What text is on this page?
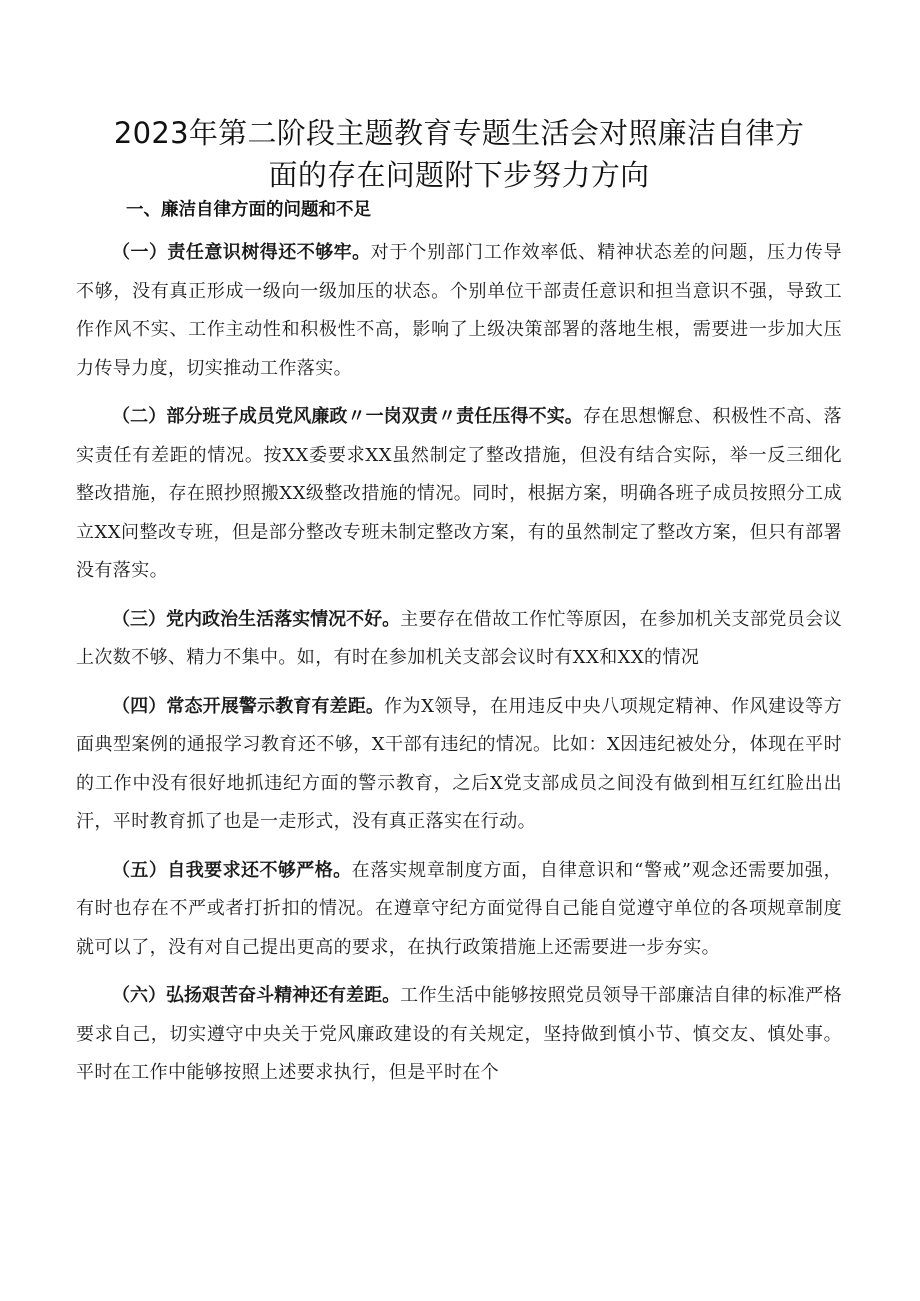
2023年第二阶段主题教育专题生活会对照廉洁自律方
面的存在问题附下步努力方向
一、廉洁自律方面的问题和不足

（一）责任意识树得还不够牢。对于个别部门工作效率低、精神状态差的问题，压力传导不够，没有真正形成一级向一级加压的状态。个别单位干部责任意识和担当意识不强，导致工作作风不实、工作主动性和积极性不高，影响了上级决策部署的落地生根，需要进一步加大压力传导力度，切实推动工作落实。

（二）部分班子成员党风廉政〃一岗双责〃责任压得不实。存在思想懈怠、积极性不高、落实责任有差距的情况。按XX委要求XX虽然制定了整改措施，但没有结合实际，举一反三细化整改措施，存在照抄照搬XX级整改措施的情况。同时，根据方案，明确各班子成员按照分工成立XX问整改专班，但是部分整改专班未制定整改方案，有的虽然制定了整改方案，但只有部署没有落实。

（三）党内政治生活落实情况不好。主要存在借故工作忙等原因，在参加机关支部党员会议上次数不够、精力不集中。如，有时在参加机关支部会议时有XX和XX的情况

（四）常态开展警示教育有差距。作为X领导，在用违反中央八项规定精神、作风建设等方面典型案例的通报学习教育还不够，X干部有违纪的情况。比如：X因违纪被处分，体现在平时的工作中没有很好地抓违纪方面的警示教育，之后X党支部成员之间没有做到相互红红脸出出汗，平时教育抓了也是一走形式，没有真正落实在行动。

（五）自我要求还不够严格。在落实规章制度方面，自律意识和“警戒”观念还需要加强，有时也存在不严或者打折扣的情况。在遵章守纪方面觉得自己能自觉遵守单位的各项规章制度就可以了，没有对自己提出更高的要求，在执行政策措施上还需要进一步夯实。

（六）弘扬艰苦奋斗精神还有差距。工作生活中能够按照党员领导干部廉洁自律的标准严格要求自己，切实遵守中央关于党风廉政建设的有关规定，坚持做到慎小节、慎交友、慎处事。平时在工作中能够按照上述要求执行，但是平时在个
